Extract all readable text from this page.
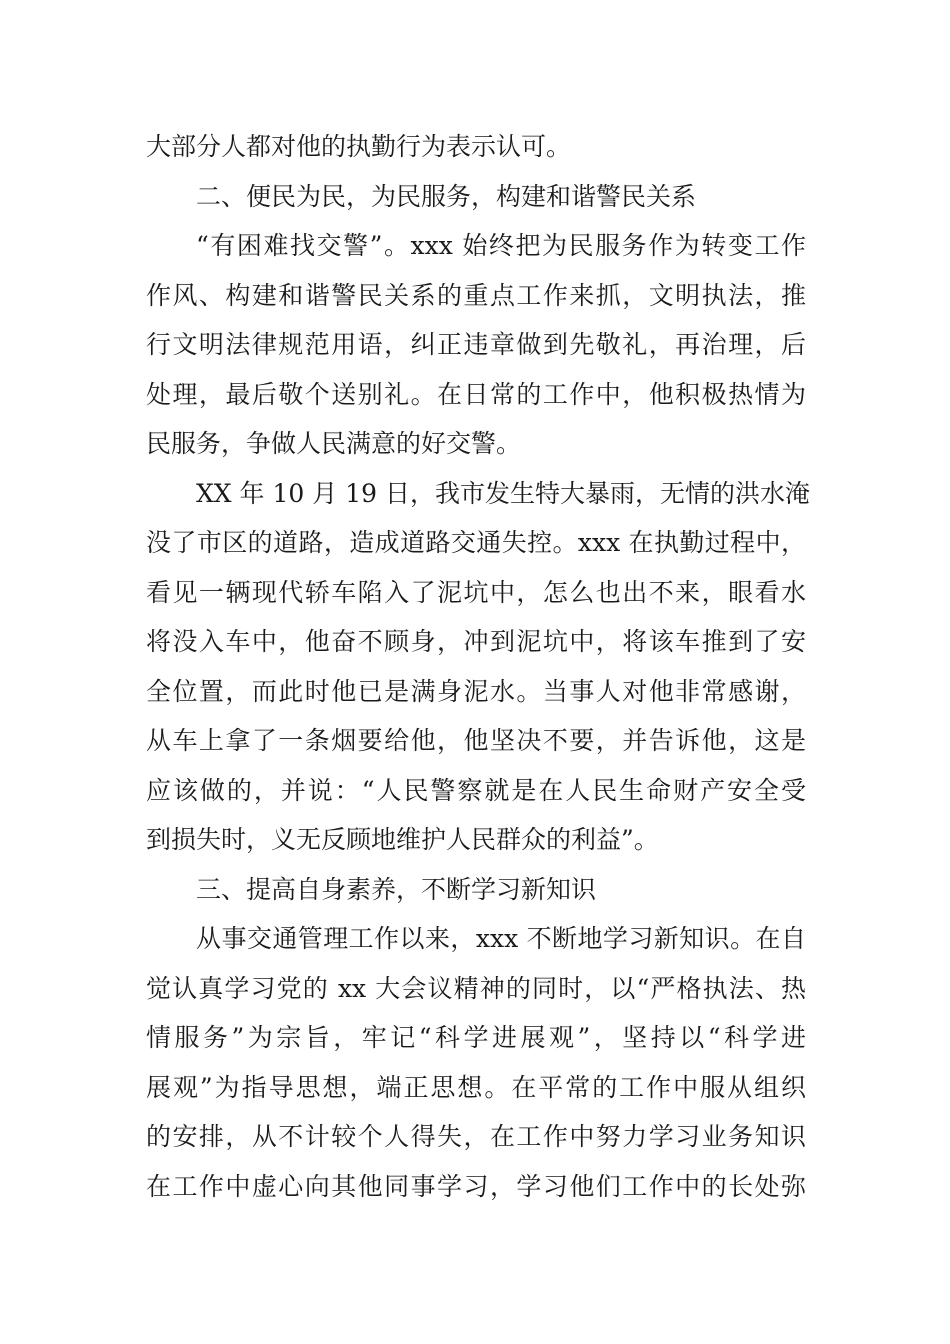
大部分人都对他的执勤行为表示认可。
二、便民为民，为民服务，构建和谐警民关系
“有困难找交警”。xxx 始终把为民服务作为转变工作
作风、构建和谐警民关系的重点工作来抓，文明执法，推
行文明法律规范用语，纠正违章做到先敬礼，再治理，后
处理，最后敬个送别礼。在日常的工作中，他积极热情为
民服务，争做人民满意的好交警。
XX 年 10 月 19 日，我市发生特大暴雨，无情的洪水淹
没了市区的道路，造成道路交通失控。xxx 在执勤过程中，
看见一辆现代轿车陷入了泥坑中，怎么也出不来，眼看水
将没入车中，他奋不顾身，冲到泥坑中，将该车推到了安
全位置，而此时他已是满身泥水。当事人对他非常感谢，
从车上拿了一条烟要给他，他坚决不要，并告诉他，这是
应该做的，并说：“人民警察就是在人民生命财产安全受
到损失时，义无反顾地维护人民群众的利益”。
三、提高自身素养，不断学习新知识
从事交通管理工作以来，xxx 不断地学习新知识。在自
觉认真学习党的 xx 大会议精神的同时，以“严格执法、热
情服务”为宗旨，牢记“科学进展观”，坚持以“科学进
展观”为指导思想，端正思想。在平常的工作中服从组织
的安排，从不计较个人得失，在工作中努力学习业务知识
在工作中虚心向其他同事学习，学习他们工作中的长处弥
